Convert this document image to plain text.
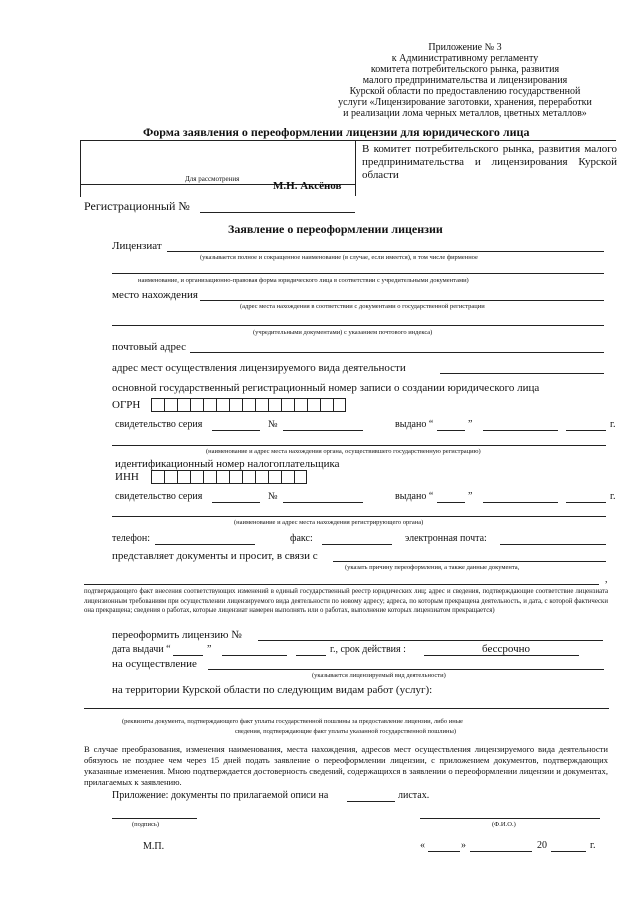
Приложение № 3
к Административному регламенту
комитета потребительского рынка, развития
малого предпринимательства и лицензирования
Курской области по предоставлению государственной
услуги «Лицензирование заготовки, хранения, переработки
и реализации лома черных металлов, цветных металлов»
Форма заявления о переоформлении лицензии для юридического лица
В комитет потребительского рынка, развития малого предпринимательства и лицензирования Курской области
Для рассмотрения
М.Н. Аксёнов
Регистрационный №
Заявление о переоформлении лицензии
Лицензиат
(указывается полное и сокращенное наименование (в случае, если имеется), в том числе фирменное
наименование, и организационно-правовая форма юридического лица в соответствии с учредительными документами)
место нахождения
(адрес места нахождения в соответствии с документами о государственной регистрации
(учредительными документами) с указанием почтового индекса)
почтовый адрес
адрес мест осуществления лицензируемого вида деятельности
основной государственный регистрационный номер записи о создании юридического лица
ОГРН
свидетельство серия	№	выдано “	”	г.
(наименование и адрес места нахождения органа, осуществившего государственную регистрацию)
идентификационный номер налогоплательщика
ИНН
свидетельство серия	№	выдано “	”	г.
(наименование и адрес места нахождения регистрирующего органа)
телефон:	факс:	электронная почта:
представляет документы и просит, в связи с
(указать причину переоформления, а также данные документа,
,
подтверждающего факт внесения соответствующих изменений в единый государственный реестр юридических лиц; адрес и сведения, подтверждающие соответствие лицензиата лицензионным требованиям при осуществлении лицензируемого вида деятельности по новому адресу; адреса, по которым прекращена деятельность, и дата, с которой фактически она прекращена; сведения о работах, которые лицензиат намерен выполнять или о работах, выполнение которых лицензиатом прекращается)
переоформить лицензию №
дата выдачи “	”	г., срок действия :	бессрочно
на осуществление
(указывается лицензируемый вид деятельности)
на территории Курской области по следующим видам работ (услуг):
(реквизиты документа, подтверждающего факт уплаты государственной пошлины за предоставление лицензии, либо иные
сведения, подтверждающие факт уплаты указанной государственной пошлины)
В случае преобразования, изменения наименования, места нахождения, адресов мест осуществления лицензируемого вида деятельности обязуюсь не позднее чем через 15 дней подать заявление о переоформлении лицензии, с приложением документов, подтверждающих указанные изменения. Мною подтверждается достоверность сведений, содержащихся в заявлении о переоформлении лицензии и документах, прилагаемых к заявлению.
Приложение: документы по прилагаемой описи на	листах.
(подпись)	(Ф.И.О.)
М.П.	«	»	20	г.
